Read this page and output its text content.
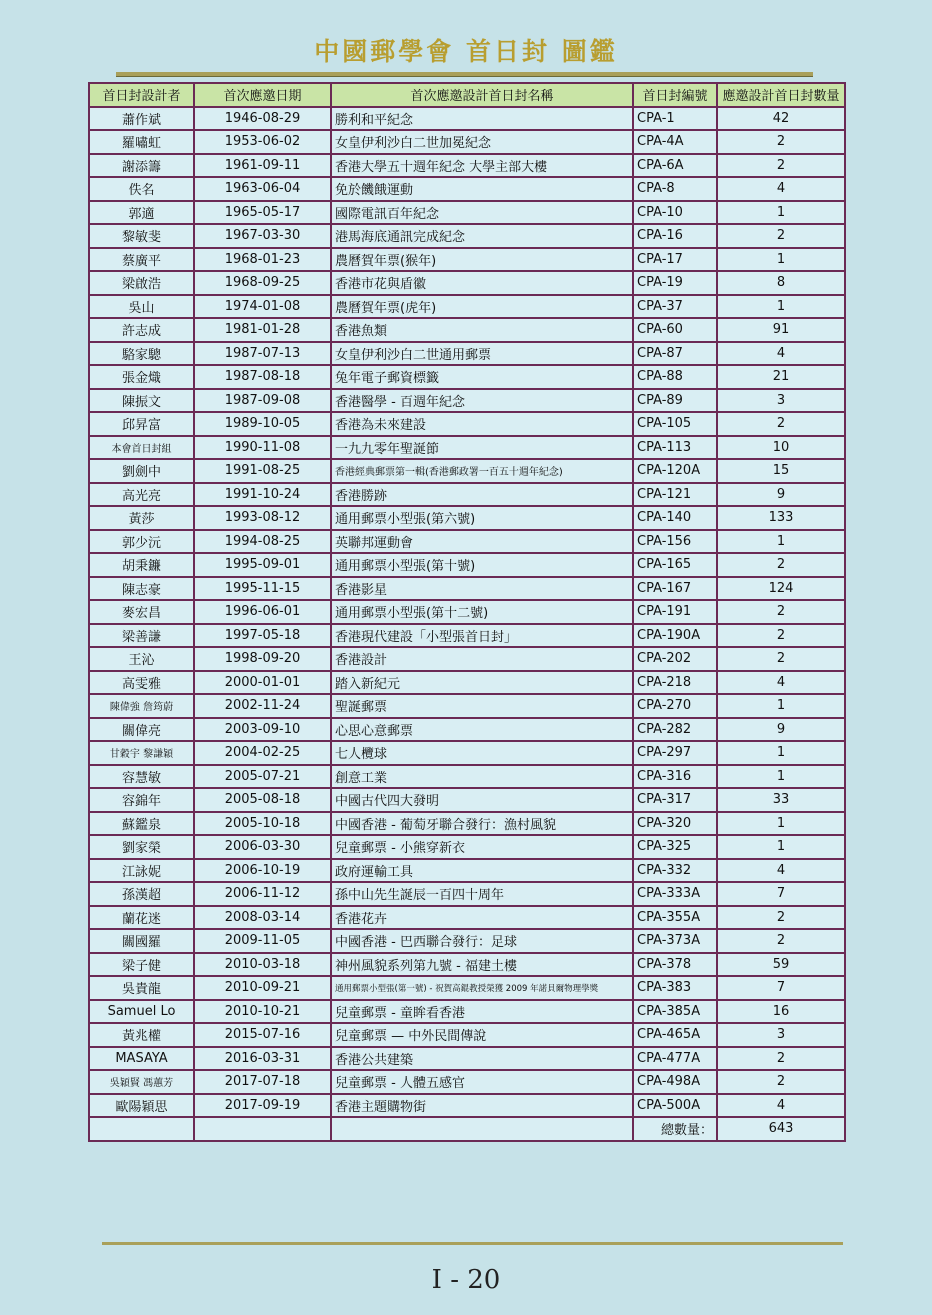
中國郵學會 首日封 圖鑑
首日封設計者	首次應邀日期	首次應邀設計首日封名稱	首日封編號	應邀設計首日封數量
蕭作斌	1946-08-29	勝利和平紀念	CPA-1	42
羅嘯虹	1953-06-02	女皇伊利沙白二世加冕紀念	CPA-4A	2
謝添籌	1961-09-11	香港大學五十週年紀念 大學主部大樓	CPA-6A	2
佚名	1963-06-04	免於饑餓運動	CPA-8	4
郭適	1965-05-17	國際電訊百年紀念	CPA-10	1
黎敏斐	1967-03-30	港馬海底通訊完成紀念	CPA-16	2
蔡廣平	1968-01-23	農曆賀年票(猴年)	CPA-17	1
梁啟浩	1968-09-25	香港市花與盾徽	CPA-19	8
吳山	1974-01-08	農曆賀年票(虎年)	CPA-37	1
許志成	1981-01-28	香港魚類	CPA-60	91
駱家驄	1987-07-13	女皇伊利沙白二世通用郵票	CPA-87	4
張金熾	1987-08-18	兔年電子郵資標籤	CPA-88	21
陳振文	1987-09-08	香港醫學 - 百週年紀念	CPA-89	3
邱昇富	1989-10-05	香港為未來建設	CPA-105	2
本會首日封組	1990-11-08	一九九零年聖誕節	CPA-113	10
劉劍中	1991-08-25	香港經典郵票第一輯(香港郵政署一百五十週年紀念)	CPA-120A	15
高光亮	1991-10-24	香港勝跡	CPA-121	9
黃莎	1993-08-12	通用郵票小型張(第六號)	CPA-140	133
郭少沅	1994-08-25	英聯邦運動會	CPA-156	1
胡秉鐮	1995-09-01	通用郵票小型張(第十號)	CPA-165	2
陳志豪	1995-11-15	香港影星	CPA-167	124
麥宏昌	1996-06-01	通用郵票小型張(第十二號)	CPA-191	2
梁善謙	1997-05-18	香港現代建設「小型張首日封」	CPA-190A	2
王沁	1998-09-20	香港設計	CPA-202	2
高雯雅	2000-01-01	踏入新紀元	CPA-218	4
陳偉強 詹筠蔚	2002-11-24	聖誕郵票	CPA-270	1
關偉亮	2003-09-10	心思心意郵票	CPA-282	9
甘穀宇 黎謙穎	2004-02-25	七人欖球	CPA-297	1
容慧敏	2005-07-21	創意工業	CPA-316	1
容錦年	2005-08-18	中國古代四大發明	CPA-317	33
蘇鑑泉	2005-10-18	中國香港 - 葡萄牙聯合發行：漁村風貌	CPA-320	1
劉家榮	2006-03-30	兒童郵票 - 小熊穿新衣	CPA-325	1
江詠妮	2006-10-19	政府運輸工具	CPA-332	4
孫漢超	2006-11-12	孫中山先生誕辰一百四十周年	CPA-333A	7
蘭花迷	2008-03-14	香港花卉	CPA-355A	2
關國羅	2009-11-05	中國香港 - 巴西聯合發行：足球	CPA-373A	2
梁子健	2010-03-18	神州風貌系列第九號 - 福建土樓	CPA-378	59
吳貴龍	2010-09-21	通用郵票小型張(第一號) - 祝賀高錕教授榮獲 2009 年諾貝爾物理學獎	CPA-383	7
Samuel Lo	2010-10-21	兒童郵票 - 童眸看香港	CPA-385A	16
黃兆權	2015-07-16	兒童郵票 — 中外民間傳說	CPA-465A	3
MASAYA	2016-03-31	香港公共建築	CPA-477A	2
吳穎賢 馮蕙芳	2017-07-18	兒童郵票 - 人體五感官	CPA-498A	2
歐陽穎思	2017-09-19	香港主題購物街	CPA-500A	4
			總數量：	643
I - 20
